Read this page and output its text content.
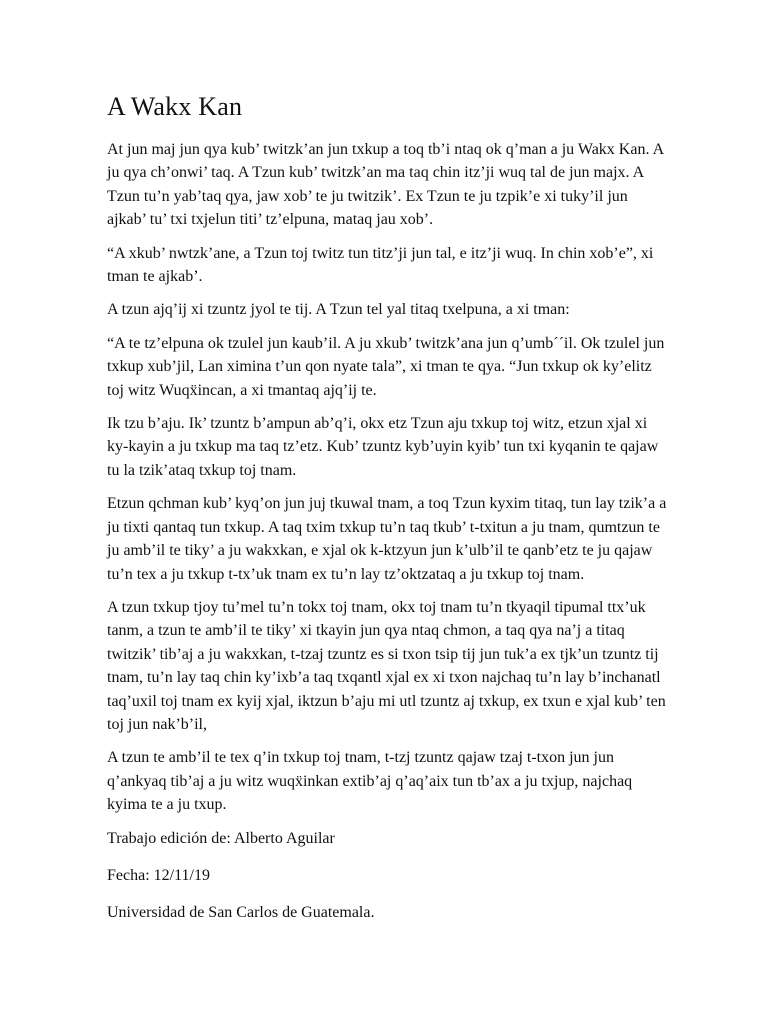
A Wakx Kan

At jun maj jun qya kub’ twitzk’an jun txkup a toq tb’i ntaq ok q’man a ju Wakx Kan. A ju qya ch’onwi’ taq. A Tzun kub’ twitzk’an ma taq chin itz’ji wuq tal de jun majx. A Tzun tu’n yab’taq qya, jaw xob’ te ju twitzik’. Ex Tzun te ju tzpik’e xi tuky’il jun ajkab’ tu’ txi txjelun titi’ tz’elpuna, mataq jau xob’.

“A xkub’ nwtzk’ane, a Tzun toj twitz tun titz’ji jun tal, e itz’ji wuq. In chin xob’e”, xi tman te ajkab’.

A tzun ajq’ij xi tzuntz jyol te tij. A Tzun tel yal titaq txelpuna, a xi tman:

“A te tz’elpuna ok tzulel jun kaub’il. A ju xkub’ twitzk’ana jun q’umb´´il. Ok tzulel jun txkup xub’jil, Lan ximina t’un qon nyate tala”, xi tman te qya. “Jun txkup ok ky’elitz toj witz Wuqẍincan, a xi tmantaq ajq’ij te.

Ik tzu b’aju. Ik’ tzuntz b’ampun ab’q’i, okx etz Tzun aju txkup toj witz, etzun xjal xi ky-kayin a ju txkup ma taq tz’etz. Kub’ tzuntz kyb’uyin kyib’ tun txi kyqanin te qajaw tu la tzik’ataq txkup toj tnam.

Etzun qchman kub’ kyq’on jun juj tkuwal tnam, a toq Tzun kyxim titaq, tun lay tzik’a a ju tixti qantaq tun txkup. A taq txim txkup tu’n taq tkub’ t-txitun a ju tnam, qumtzun te ju amb’il te tiky’ a ju wakxkan, e xjal ok k-ktzyun jun k’ulb’il te qanb’etz te ju qajaw tu’n tex a ju txkup t-tx’uk tnam ex tu’n lay tz’oktzataq a ju txkup toj tnam.

A tzun txkup tjoy tu’mel tu’n tokx toj tnam, okx toj tnam tu’n tkyaqil tipumal ttx’uk tanm, a tzun te amb’il te tiky’ xi tkayin jun qya ntaq chmon, a taq qya na’j a titaq twitzik’ tib’aj a ju wakxkan, t-tzaj tzuntz es si txon tsip tij jun tuk’a ex tjk’un tzuntz tij tnam, tu’n lay taq chin ky’ixb’a taq txqantl xjal ex xi txon najchaq tu’n lay b’inchanatl taq’uxil toj tnam ex kyij xjal, iktzun b’aju mi utl tzuntz aj txkup, ex txun e xjal kub’ ten toj jun nak’b’il,

A tzun te amb’il te tex q’in txkup toj tnam, t-tzj tzuntz qajaw tzaj t-txon jun jun q’ankyaq tib’aj a ju witz wuqẍinkan extib’aj q’aq’aix tun tb’ax a ju txjup, najchaq kyima te a ju txup.

Trabajo edición de: Alberto Aguilar

Fecha: 12/11/19

Universidad de San Carlos de Guatemala.
